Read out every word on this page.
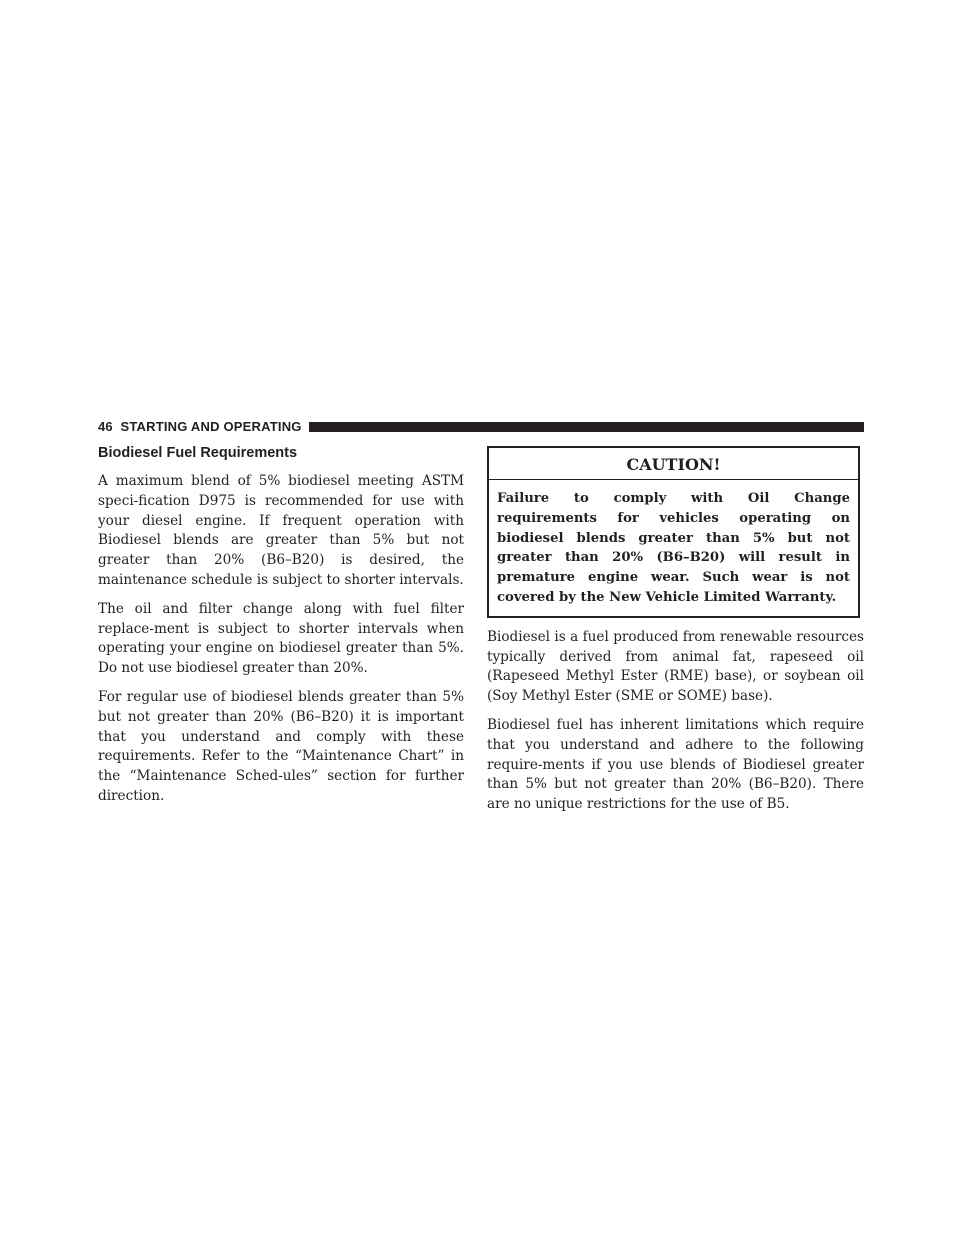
46 STARTING AND OPERATING
Biodiesel Fuel Requirements

A maximum blend of 5% biodiesel meeting ASTM speci-fication D975 is recommended for use with your diesel engine. If frequent operation with Biodiesel blends are greater than 5% but not greater than 20% (B6–B20) is desired, the maintenance schedule is subject to shorter intervals.

The oil and filter change along with fuel filter replace-ment is subject to shorter intervals when operating your engine on biodiesel greater than 5%. Do not use biodiesel greater than 20%.

For regular use of biodiesel blends greater than 5% but not greater than 20% (B6–B20) it is important that you understand and comply with these requirements. Refer to the “Maintenance Chart” in the “Maintenance Sched-ules” section for further direction.

CAUTION!
Failure to comply with Oil Change requirements for vehicles operating on biodiesel blends greater than 5% but not greater than 20% (B6–B20) will result in premature engine wear. Such wear is not covered by the New Vehicle Limited Warranty.

Biodiesel is a fuel produced from renewable resources typically derived from animal fat, rapeseed oil (Rapeseed Methyl Ester (RME) base), or soybean oil (Soy Methyl Ester (SME or SOME) base).

Biodiesel fuel has inherent limitations which require that you understand and adhere to the following require-ments if you use blends of Biodiesel greater than 5% but not greater than 20% (B6–B20). There are no unique restrictions for the use of B5.
